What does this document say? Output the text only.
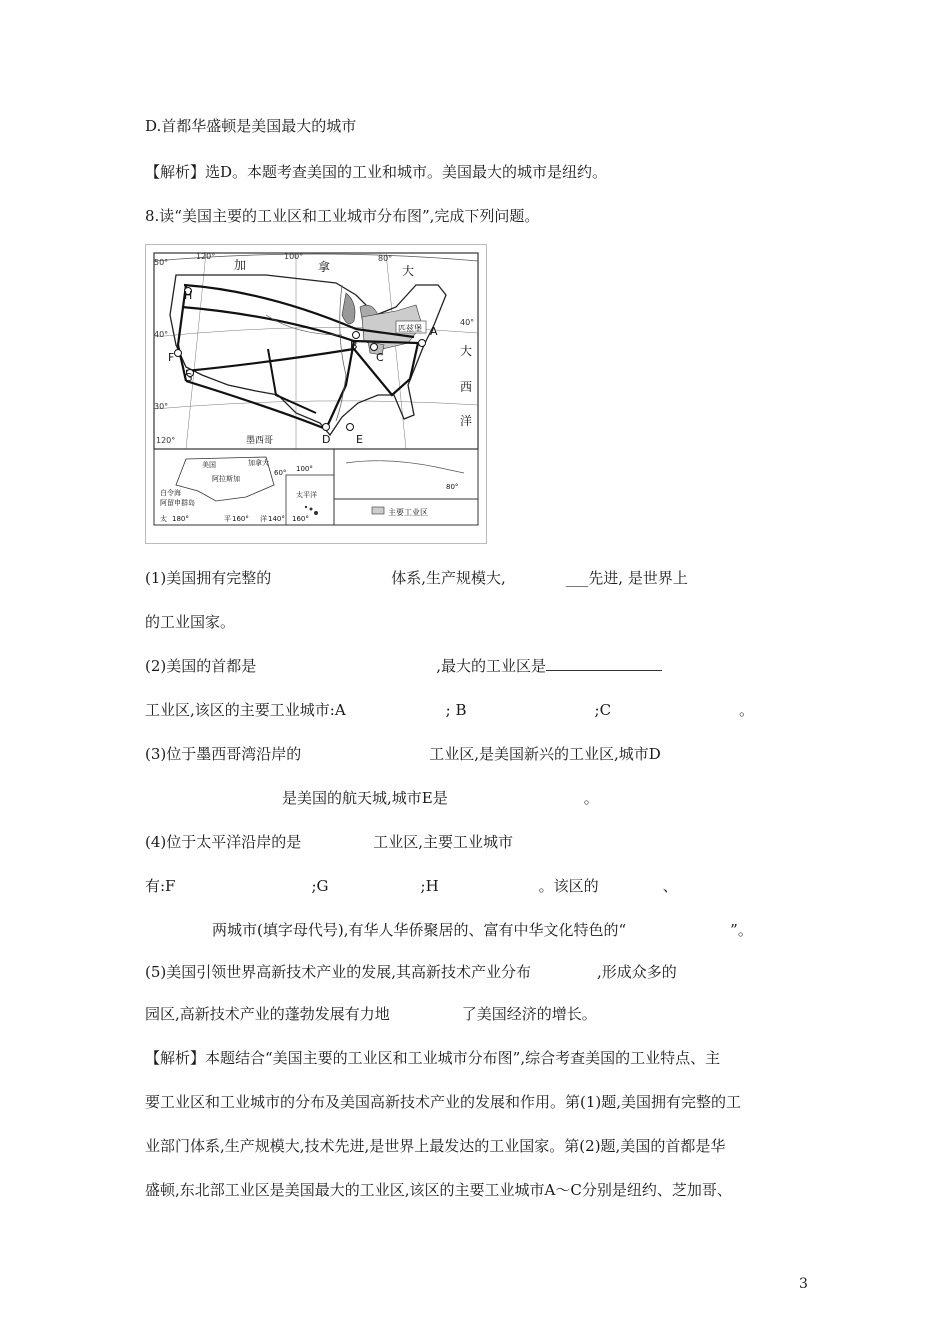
D.首都华盛顿是美国最大的城市
【解析】选D。本题考查美国的工业和城市。美国最大的城市是纽约。
8.读“美国主要的工业区和工业城市分布图”,完成下列问题。
A
B
C
D E
F
G
H
匹兹堡
加	拿	大
大
西
洋
墨西哥
120°	100°	80°
120°
50°
40°
30°
40°
美国	加拿大
阿拉斯加
白令海
阿留申群岛
太	平	洋
180°	160°	140° 160°
60°
太平洋
100°
80°
主要工业区
(1)美国拥有完整的	体系,生产规模大,	___先进, 是世界上
的工业国家。
(2)美国的首都是	,最大的工业区是
工业区,该区的主要工业城市:A	; B	;C	。
(3)位于墨西哥湾沿岸的	工业区,是美国新兴的工业区,城市D
是美国的航天城,城市E是	。
(4)位于太平洋沿岸的是	工业区,主要工业城市
有:F	;G	;H	。该区的	、
两城市(填字母代号),有华人华侨聚居的、富有中华文化特色的“	”。
(5)美国引领世界高新技术产业的发展,其高新技术产业分布	,形成众多的
园区,高新技术产业的蓬勃发展有力地	了美国经济的增长。
【解析】本题结合“美国主要的工业区和工业城市分布图”,综合考查美国的工业特点、主
要工业区和工业城市的分布及美国高新技术产业的发展和作用。第(1)题,美国拥有完整的工
业部门体系,生产规模大,技术先进,是世界上最发达的工业国家。第(2)题,美国的首都是华
盛顿,东北部工业区是美国最大的工业区,该区的主要工业城市A～C分别是纽约、芝加哥、
3
